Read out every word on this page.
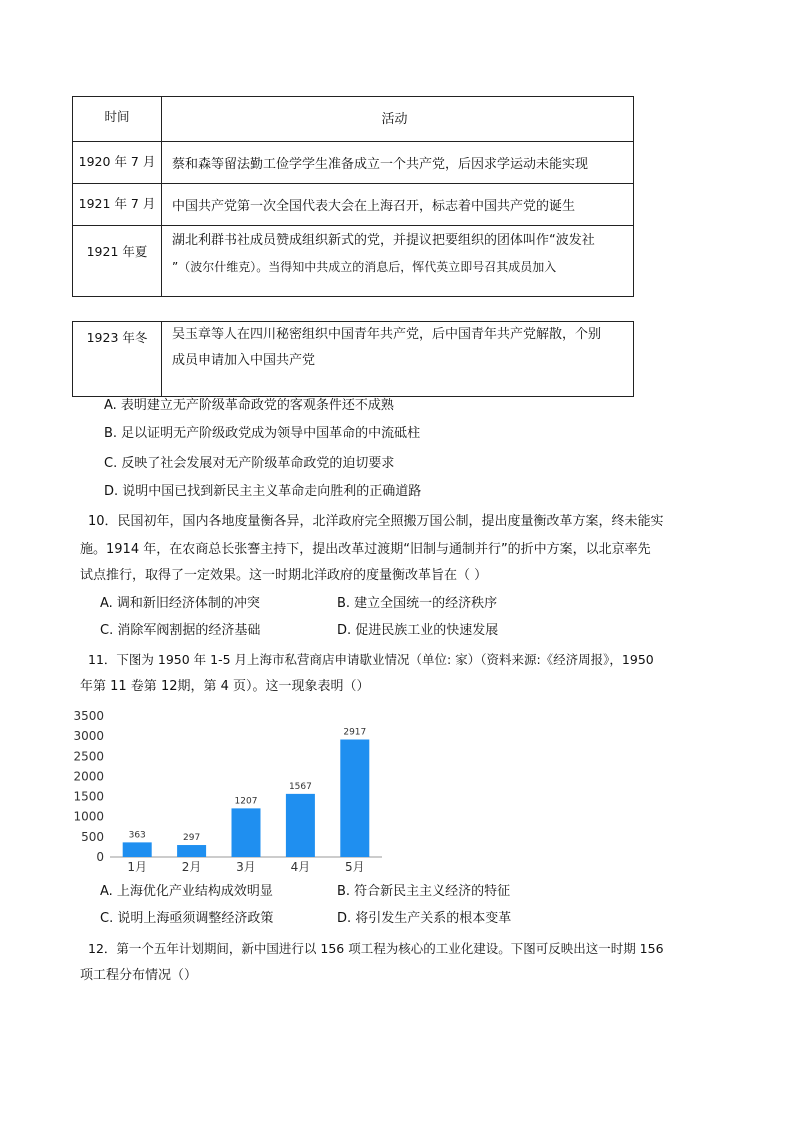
时间	活动
1920 年 7 月	蔡和森等留法勤工俭学学生准备成立一个共产党，后因求学运动未能实现
1921 年 7 月	中国共产党第一次全国代表大会在上海召开，标志着中国共产党的诞生
1921 年夏	湖北利群书社成员赞成组织新式的党，并提议把要组织的团体叫作“波发社
”（波尔什维克）。当得知中共成立的消息后，恽代英立即号召其成员加入
1923 年冬	吴玉章等人在四川秘密组织中国青年共产党，后中国青年共产党解散，个别
成员申请加入中国共产党
A. 表明建立无产阶级革命政党的客观条件还不成熟
B. 足以证明无产阶级政党成为领导中国革命的中流砥柱
C. 反映了社会发展对无产阶级革命政党的迫切要求
D. 说明中国已找到新民主主义革命走向胜利的正确道路
10．民国初年，国内各地度量衡各异，北洋政府完全照搬万国公制，提出度量衡改革方案，终未能实
施。1914 年，在农商总长张謇主持下，提出改革过渡期“旧制与通制并行”的折中方案，以北京率先
试点推行，取得了一定效果。这一时期北洋政府的度量衡改革旨在（ ）
A. 调和新旧经济体制的冲突	B. 建立全国统一的经济秩序
C. 消除军阀割据的经济基础	D. 促进民族工业的快速发展
11．下图为 1950 年 1-5 月上海市私营商店申请歇业情况（单位: 家）（资料来源:《经济周报》，1950
年第 11 卷第 12期，第 4 页）。这一现象表明（）
0
500
1000
1500
2000
2500
3000
3500
363
1月
297
2月
1207
3月
1567
4月
2917
5月
A. 上海优化产业结构成效明显	B. 符合新民主主义经济的特征
C. 说明上海亟须调整经济政策	D. 将引发生产关系的根本变革
12．第一个五年计划期间，新中国进行以 156 项工程为核心的工业化建设。下图可反映出这一时期 156
项工程分布情况（）
